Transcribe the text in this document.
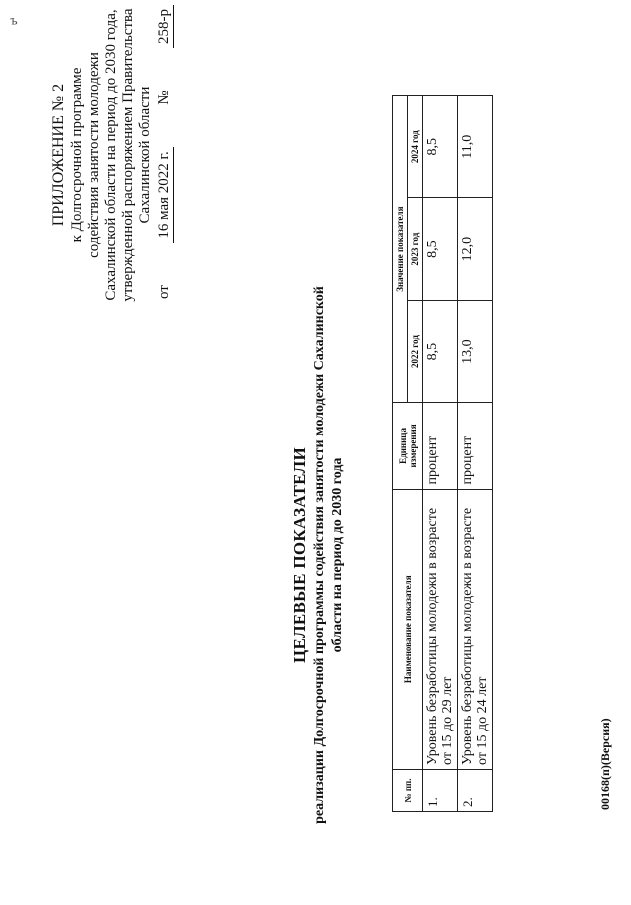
ъ
ПРИЛОЖЕНИЕ № 2 к Долгосрочной программе содействия занятости молодежи Сахалинской области на период до 2030 года, утвержденной распоряжением Правительства Сахалинской области
от
16 мая 2022 г.
№
258-р
ЦЕЛЕВЫЕ ПОКАЗАТЕЛИ реализации Долгосрочной программы содействия занятости молодежи Сахалинской области на период до 2030 года
№ пп.	Наименование показателя	Единица измерения	Значение показателя		
			2022 год	2023 год	2024 год
1.	Уровень безработицы молодежи в возрасте от 15 до 29 лет	процент	8,5	8,5	8,5
2.	Уровень безработицы молодежи в возрасте от 15 до 24 лет	процент	13,0	12,0	11,0
00168(п)(Версия)
